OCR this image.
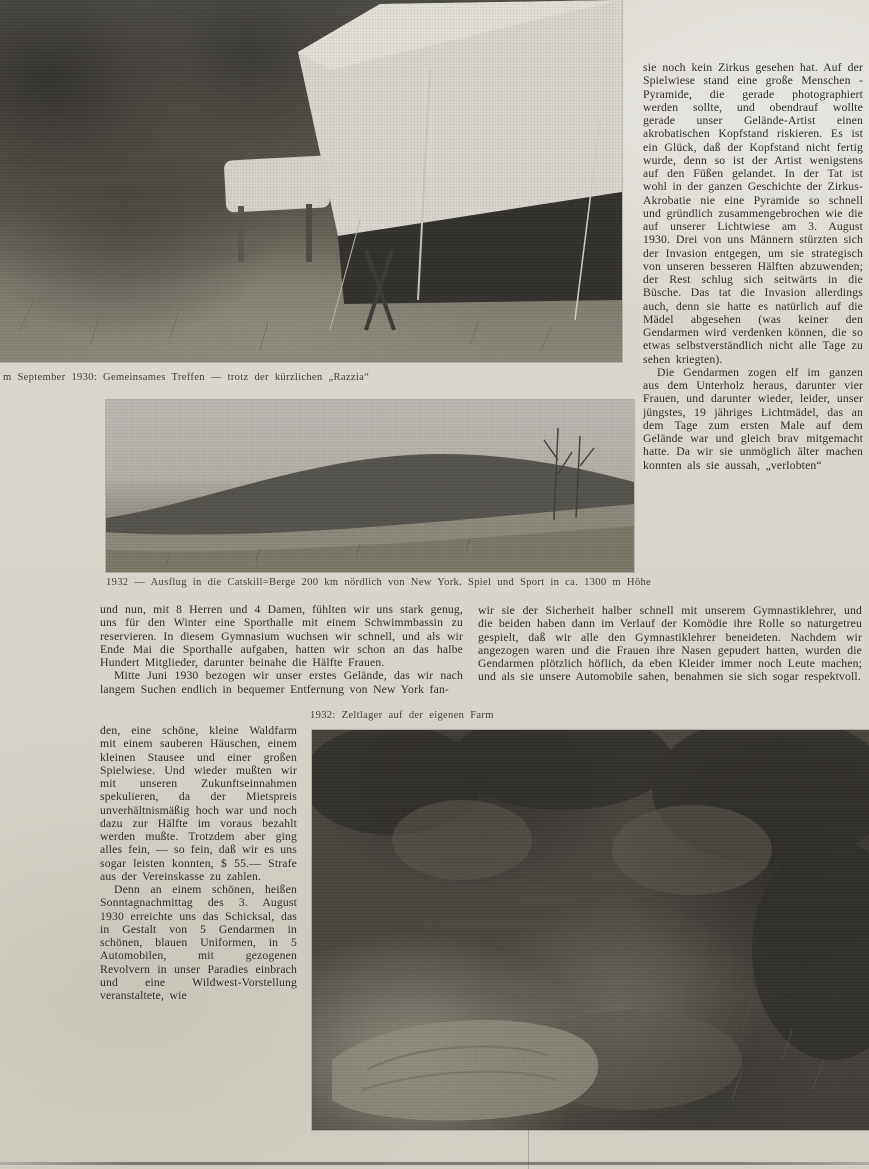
m September 1930: Gemeinsames Treffen — trotz der kürzlichen „Razzia“
1932 — Ausflug in die Catskill=Berge 200 km nördlich von New York. Spiel und Sport in ca. 1300 m Höhe

sie noch kein Zirkus gesehen hat. Auf der Spielwiese stand eine große Menschen - Pyramide, die gerade photographiert werden sollte, und obendrauf wollte gerade unser Gelände-Artist einen akrobatischen Kopfstand riskieren. Es ist ein Glück, daß der Kopfstand nicht fertig wurde, denn so ist der Artist wenigstens auf den Füßen gelandet. In der Tat ist wohl in der ganzen Geschichte der Zirkus-Akrobatie nie eine Pyramide so schnell und gründlich zusammengebrochen wie die auf unserer Lichtwiese am 3. August 1930. Drei von uns Männern stürzten sich der Invasion entgegen, um sie strategisch von unseren besseren Hälften abzuwenden; der Rest schlug sich seitwärts in die Büsche. Das tat die Invasion allerdings auch, denn sie hatte es natürlich auf die Mädel abgesehen (was keiner den Gendarmen wird verdenken können, die so etwas selbstverständlich nicht alle Tage zu sehen kriegten).

Die Gendarmen zogen elf im ganzen aus dem Unterholz heraus, darunter vier Frauen, und darunter wieder, leider, unser jüngstes, 19 jähriges Lichtmädel, das an dem Tage zum ersten Male auf dem Gelände war und gleich brav mitgemacht hatte. Da wir sie unmöglich älter machen konnten als sie aussah, „verlobten“

und nun, mit 8 Herren und 4 Damen, fühlten wir uns stark genug, uns für den Winter eine Sporthalle mit einem Schwimmbassin zu reservieren. In diesem Gymnasium wuchsen wir schnell, und als wir Ende Mai die Sporthalle aufgaben, hatten wir schon an das halbe Hundert Mitglieder, darunter beinahe die Hälfte Frauen.

Mitte Juni 1930 bezogen wir unser erstes Gelände, das wir nach langem Suchen endlich in bequemer Entfernung von New York fan-

wir sie der Sicherheit halber schnell mit unserem Gymnastiklehrer, und die beiden haben dann im Verlauf der Komödie ihre Rolle so naturgetreu gespielt, daß wir alle den Gymnastiklehrer beneideten. Nachdem wir angezogen waren und die Frauen ihre Nasen gepudert hatten, wurden die Gendarmen plötzlich höflich, da eben Kleider immer noch Leute machen; und als sie unsere Automobile sahen, benahmen sie sich sogar respektvoll.

1932: Zeltlager auf der eigenen Farm

den, eine schöne, kleine Waldfarm mit einem sauberen Häuschen, einem kleinen Stausee und einer großen Spielwiese. Und wieder mußten wir mit unseren Zukunftseinnahmen spekulieren, da der Mietspreis unverhältnismäßig hoch war und noch dazu zur Hälfte im voraus bezahlt werden mußte. Trotzdem aber ging alles fein, — so fein, daß wir es uns sogar leisten konnten, $ 55.— Strafe aus der Vereinskasse zu zahlen.

Denn an einem schönen, heißen Sonntagnachmittag des 3. August 1930 erreichte uns das Schicksal, das in Gestalt von 5 Gendarmen in schönen, blauen Uniformen, in 5 Automobilen, mit gezogenen Revolvern in unser Paradies einbrach und eine Wildwest-Vorstellung veranstaltete, wie
